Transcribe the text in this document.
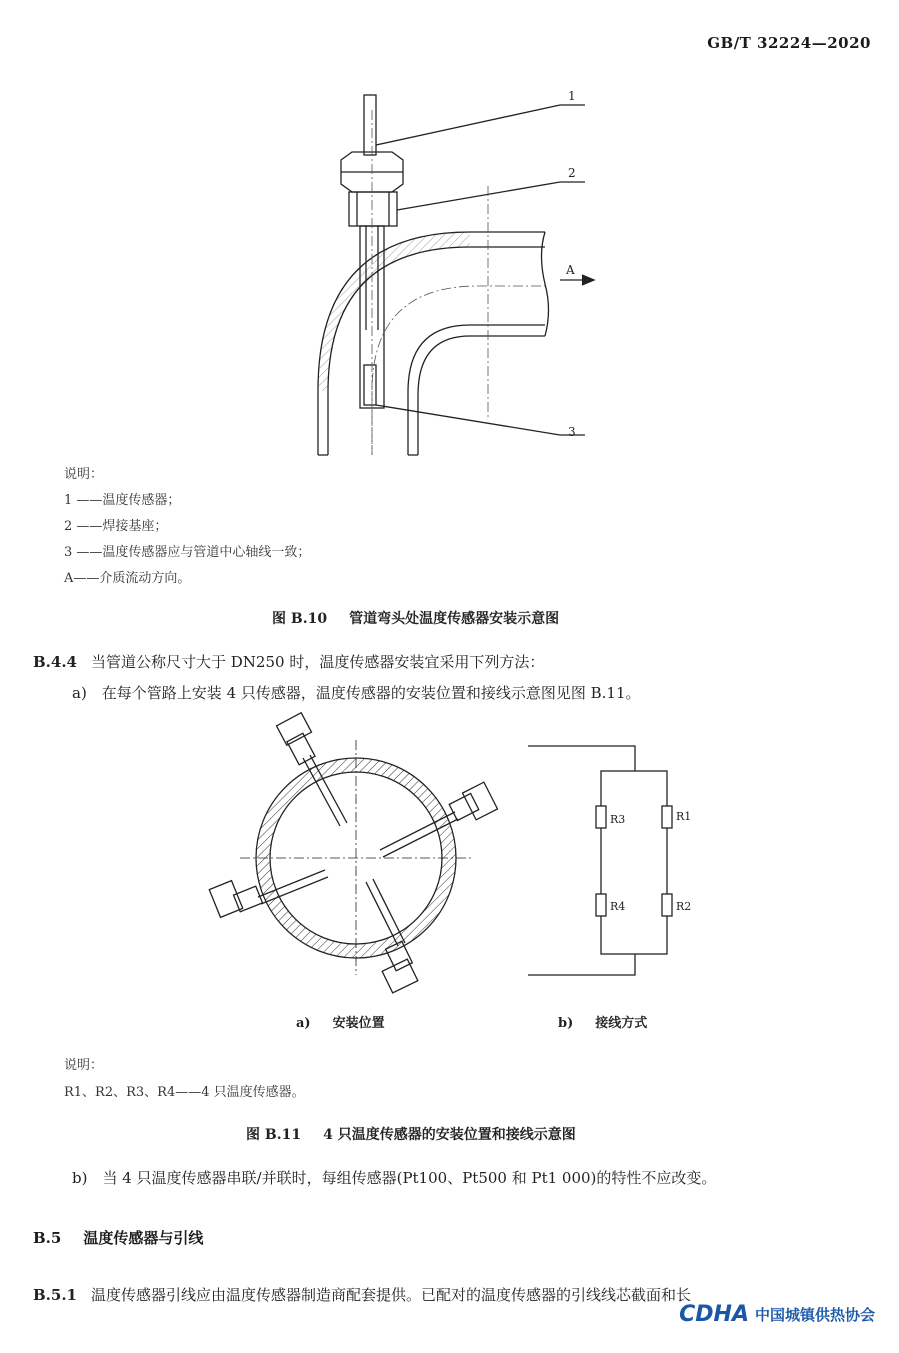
GB/T 32224—2020
1
2
3
A
说明：
1 ——温度传感器；
2 ——焊接基座；
3 ——温度传感器应与管道中心轴线一致；
A——介质流动方向。
图 B.10 管道弯头处温度传感器安装示意图
B.4.4 当管道公称尺寸大于 DN250 时，温度传感器安装宜采用下列方法：
a)　在每个管路上安装 4 只传感器，温度传感器的安装位置和接线示意图见图 B.11。
R3	R1
R4	R2
a) 安装位置	b) 接线方式
说明：
R1、R2、R3、R4——4 只温度传感器。
图 B.11 4 只温度传感器的安装位置和接线示意图
b)　当 4 只温度传感器串联/并联时，每组传感器(Pt100、Pt500 和 Pt1 000)的特性不应改变。
B.5 温度传感器与引线
B.5.1 温度传感器引线应由温度传感器制造商配套提供。已配对的温度传感器的引线线芯截面和长
CDHA 中国城镇供热协会
